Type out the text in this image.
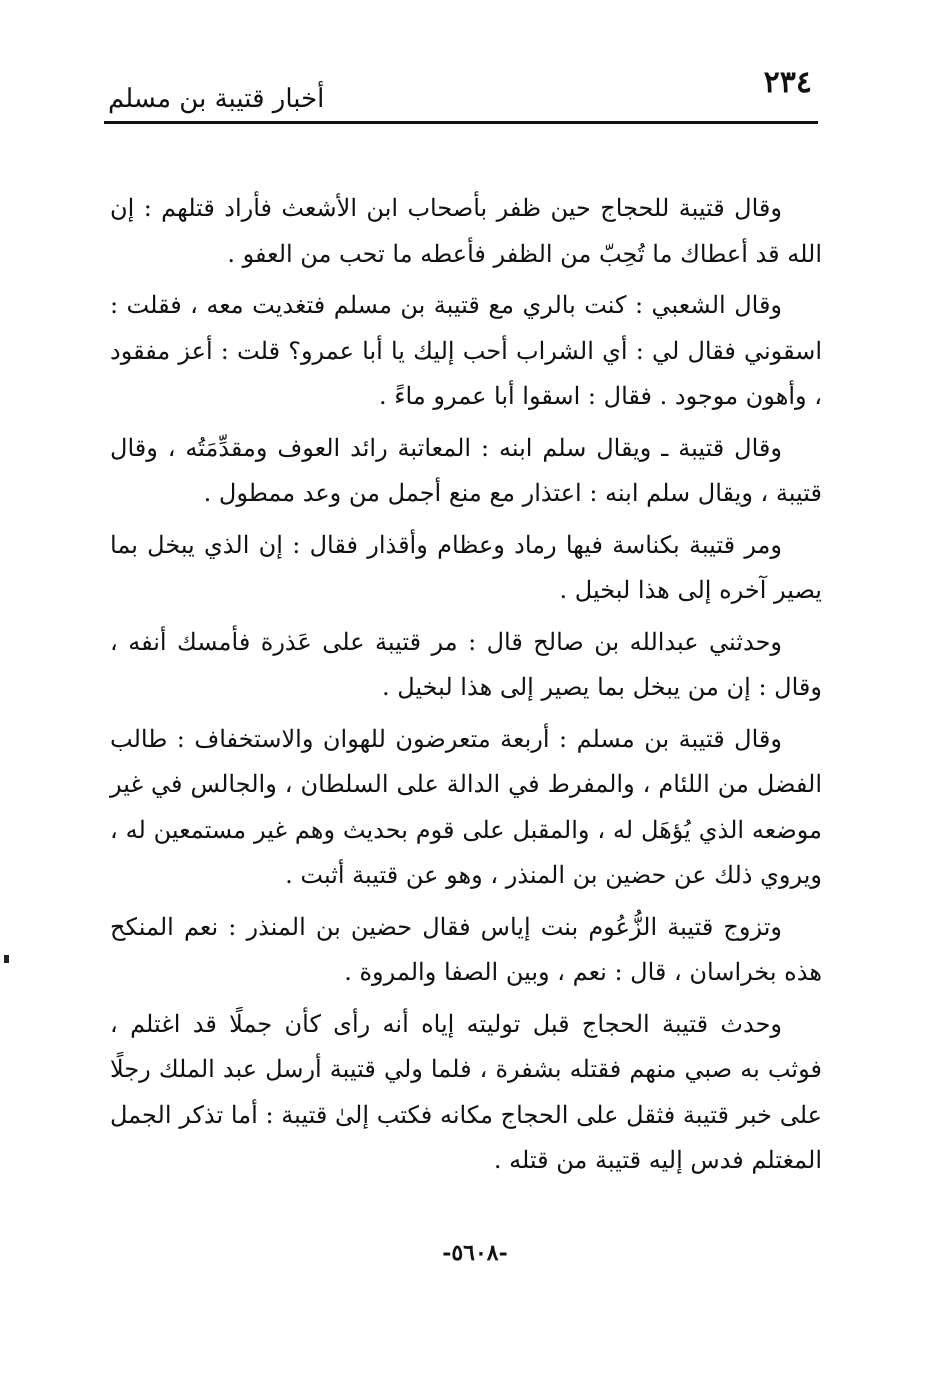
٢٣٤
أخبار قتيبة بن مسلم

وقال قتيبة للحجاج حين ظفر بأصحاب ابن الأشعث فأراد قتلهم : إن الله قد أعطاك ما تُحِبّ من الظفر فأعطه ما تحب من العفو .

وقال الشعبي : كنت بالري مع قتيبة بن مسلم فتغديت معه ، فقلت : اسقوني فقال لي : أي الشراب أحب إليك يا أبا عمرو؟ قلت : أعز مفقود ، وأهون موجود . فقال : اسقوا أبا عمرو ماءً .

وقال قتيبة ـ ويقال سلم ابنه : المعاتبة رائد العوف ومقدِّمَتُه ، وقال قتيبة ، ويقال سلم ابنه : اعتذار مع منع أجمل من وعد ممطول .

ومر قتيبة بكناسة فيها رماد وعظام وأقذار فقال : إن الذي يبخل بما يصير آخره إلى هذا لبخيل .

وحدثني عبدالله بن صالح قال : مر قتيبة على عَذرة فأمسك أنفه ، وقال : إن من يبخل بما يصير إلى هذا لبخيل .

وقال قتيبة بن مسلم : أربعة متعرضون للهوان والاستخفاف : طالب الفضل من اللئام ، والمفرط في الدالة على السلطان ، والجالس في غير موضعه الذي يُؤهَل له ، والمقبل على قوم بحديث وهم غير مستمعين له ، ويروي ذلك عن حضين بن المنذر ، وهو عن قتيبة أثبت .

وتزوج قتيبة الزُّعُوم بنت إياس فقال حضين بن المنذر : نعم المنكح هذه بخراسان ، قال : نعم ، وبين الصفا والمروة .

وحدث قتيبة الحجاج قبل توليته إياه أنه رأى كأن جملًا قد اغتلم ، فوثب به صبي منهم فقتله بشفرة ، فلما ولي قتيبة أرسل عبد الملك رجلًا على خبر قتيبة فثقل على الحجاج مكانه فكتب إلىٰ قتيبة : أما تذكر الجمل المغتلم فدس إليه قتيبة من قتله .

-٥٦٠٨-
